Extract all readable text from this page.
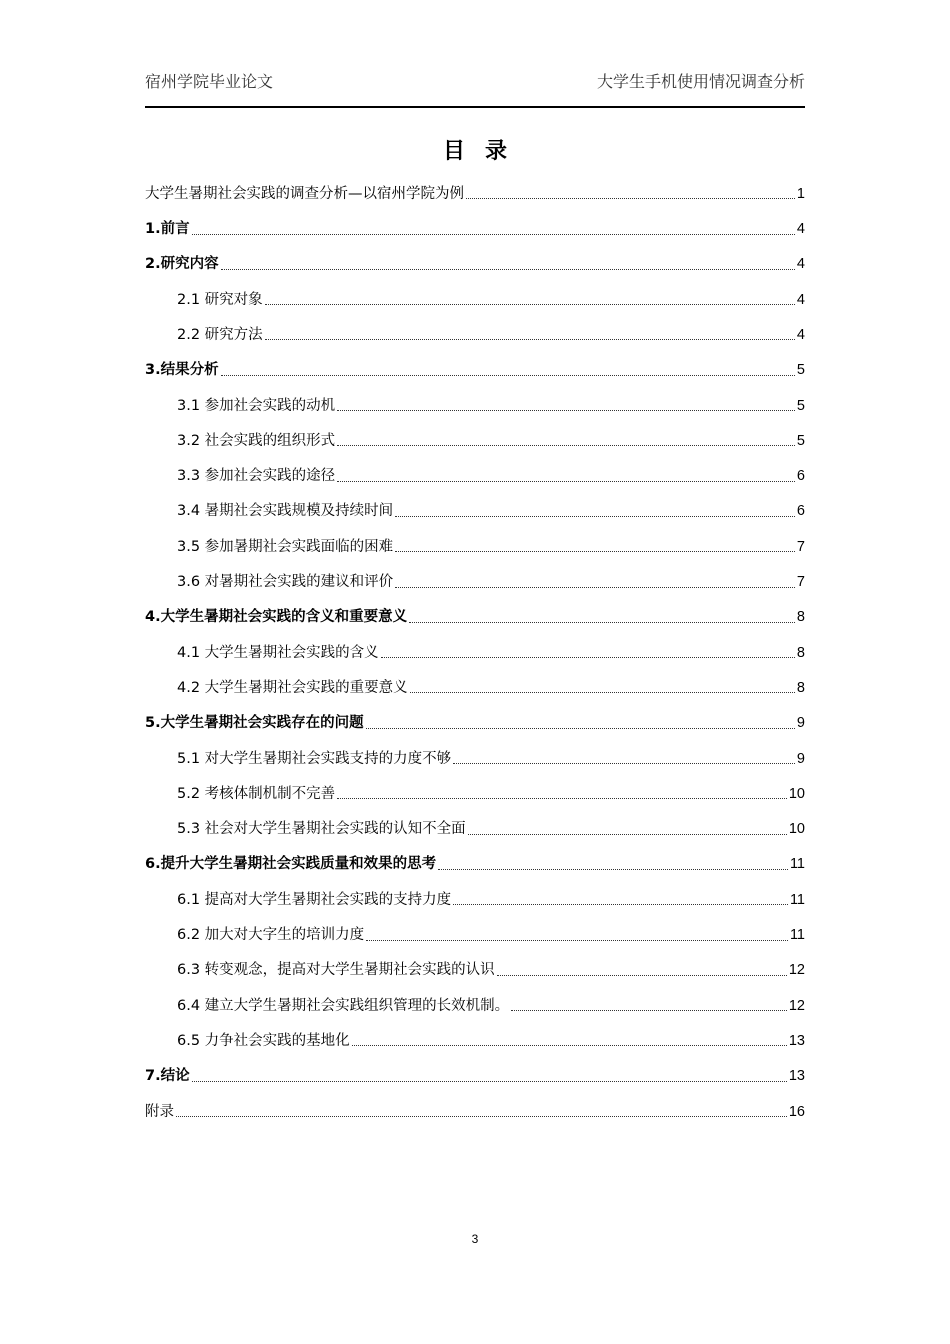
宿州学院毕业论文	大学生手机使用情况调查分析
目录
大学生暑期社会实践的调查分析—以宿州学院为例	1
1.前言	4
2.研究内容	4
2.1 研究对象	4
2.2 研究方法	4
3.结果分析	5
3.1 参加社会实践的动机	5
3.2 社会实践的组织形式	5
3.3 参加社会实践的途径	6
3.4 暑期社会实践规模及持续时间	6
3.5 参加暑期社会实践面临的困难	7
3.6 对暑期社会实践的建议和评价	7
4.大学生暑期社会实践的含义和重要意义	8
4.1 大学生暑期社会实践的含义	8
4.2 大学生暑期社会实践的重要意义	8
5.大学生暑期社会实践存在的问题	9
5.1 对大学生暑期社会实践支持的力度不够	9
5.2 考核体制机制不完善	10
5.3 社会对大学生暑期社会实践的认知不全面	10
6.提升大学生暑期社会实践质量和效果的思考	11
6.1 提高对大学生暑期社会实践的支持力度	11
6.2 加大对大字生的培训力度	11
6.3 转变观念，提高对大学生暑期社会实践的认识	12
6.4 建立大学生暑期社会实践组织管理的长效机制。	12
6.5 力争社会实践的基地化	13
7.结论	13
附录	16
3
